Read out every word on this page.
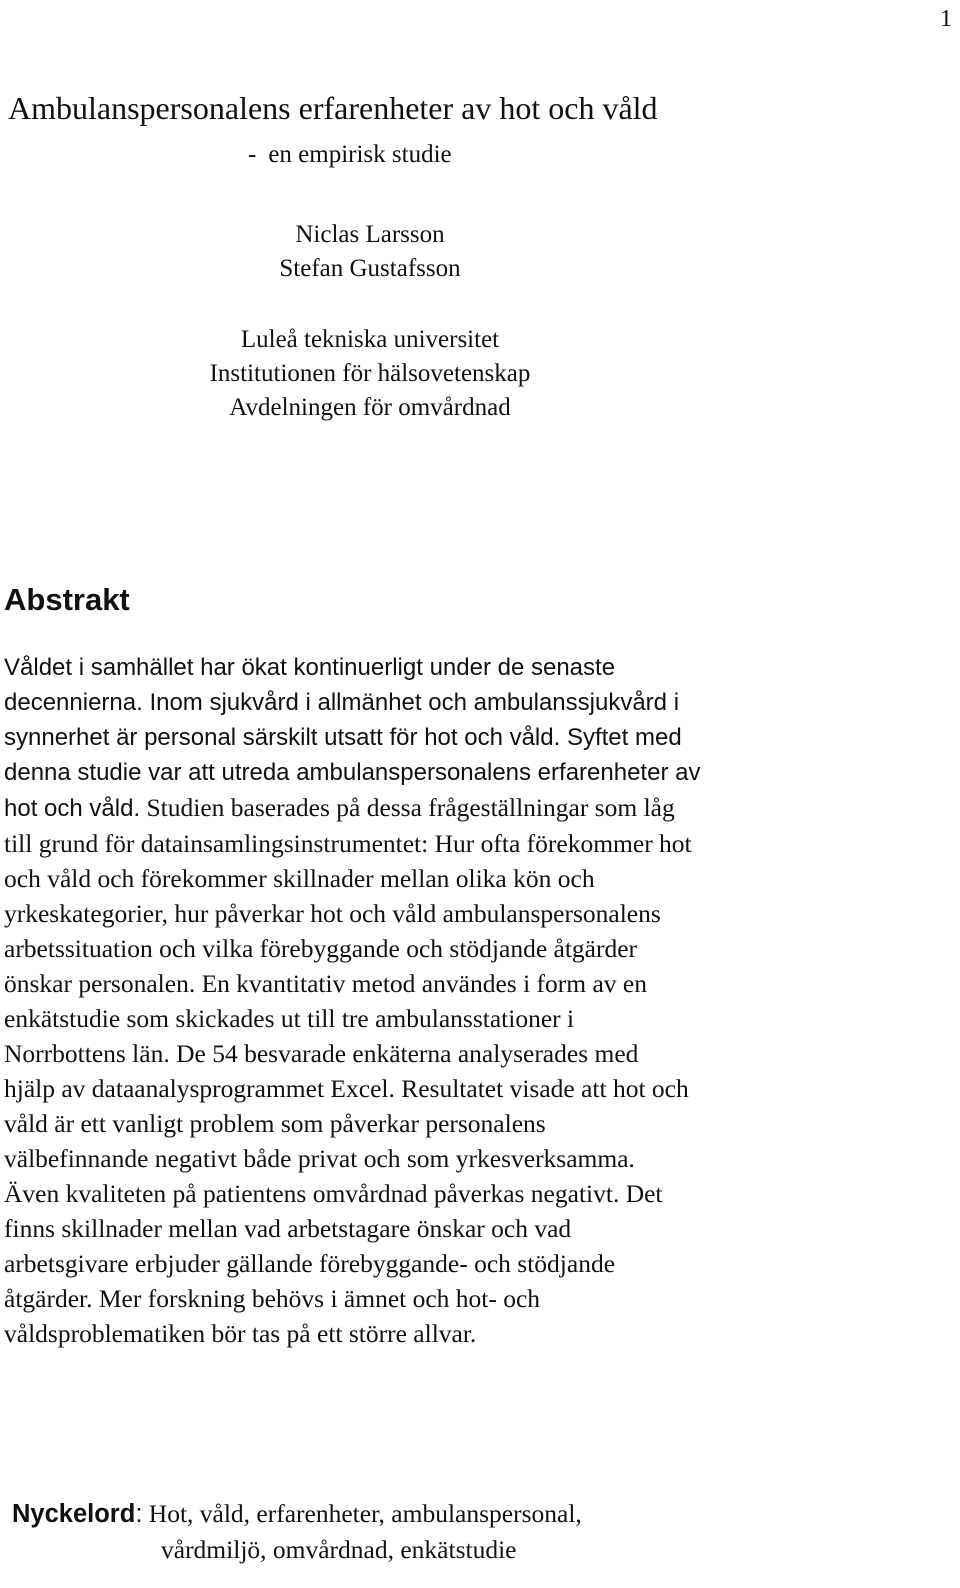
1
Ambulanspersonalens erfarenheter av hot och våld
- en empirisk studie
Niclas Larsson
Stefan Gustafsson
Luleå tekniska universitet
Institutionen för hälsovetenskap
Avdelningen för omvårdnad
Abstrakt

Våldet i samhället har ökat kontinuerligt under de senaste
decennierna. Inom sjukvård i allmänhet och ambulanssjukvård i
synnerhet är personal särskilt utsatt för hot och våld. Syftet med
denna studie var att utreda ambulanspersonalens erfarenheter av
hot och våld. Studien baserades på dessa frågeställningar som låg
till grund för datainsamlingsinstrumentet: Hur ofta förekommer hot
och våld och förekommer skillnader mellan olika kön och
yrkeskategorier, hur påverkar hot och våld ambulanspersonalens
arbetssituation och vilka förebyggande och stödjande åtgärder
önskar personalen. En kvantitativ metod användes i form av en
enkätstudie som skickades ut till tre ambulansstationer i
Norrbottens län. De 54 besvarade enkäterna analyserades med
hjälp av dataanalysprogrammet Excel. Resultatet visade att hot och
våld är ett vanligt problem som påverkar personalens
välbefinnande negativt både privat och som yrkesverksamma.
Även kvaliteten på patientens omvårdnad påverkas negativt. Det
finns skillnader mellan vad arbetstagare önskar och vad
arbetsgivare erbjuder gällande förebyggande- och stödjande
åtgärder. Mer forskning behövs i ämnet och hot- och
våldsproblematiken bör tas på ett större allvar.

Nyckelord: Hot, våld, erfarenheter, ambulanspersonal,
vårdmiljö, omvårdnad, enkätstudie
